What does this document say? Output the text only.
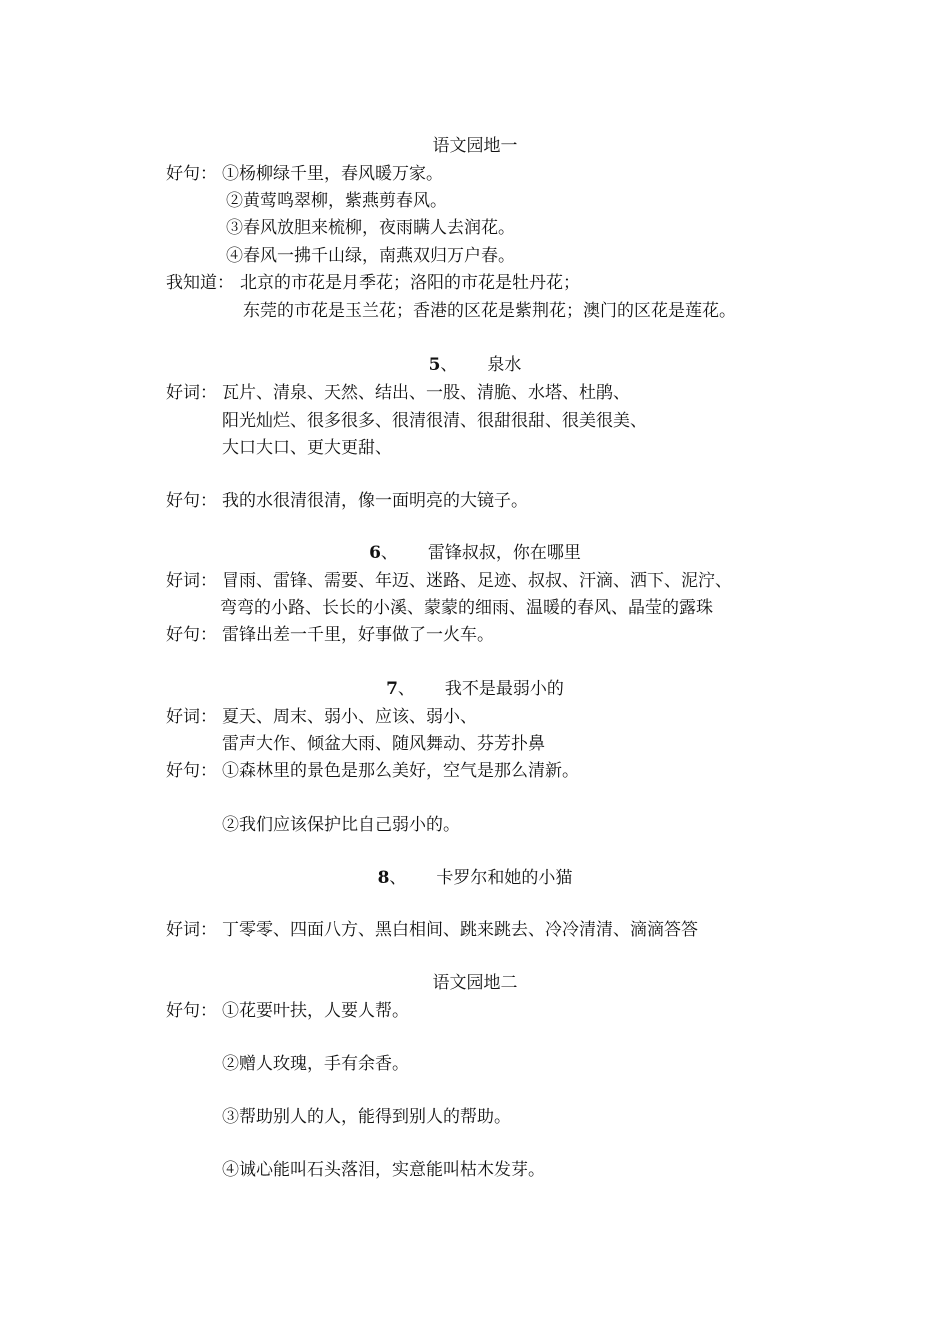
语文园地一
好句： ①杨柳绿千里，春风暖万家。
②黄莺鸣翠柳，紫燕剪春风。
③春风放胆来梳柳，夜雨瞒人去润花。
④春风一拂千山绿，南燕双归万户春。
我知道： 北京的市花是月季花；洛阳的市花是牡丹花；
东莞的市花是玉兰花；香港的区花是紫荆花；澳门的区花是莲花。
5、 泉水
好词： 瓦片、清泉、天然、结出、一股、清脆、水塔、杜鹃、
阳光灿烂、很多很多、很清很清、很甜很甜、很美很美、
大口大口、更大更甜、
好句： 我的水很清很清，像一面明亮的大镜子。
6、 雷锋叔叔，你在哪里
好词： 冒雨、雷锋、需要、年迈、迷路、足迹、叔叔、汗滴、洒下、泥泞、
弯弯的小路、长长的小溪、蒙蒙的细雨、温暖的春风、晶莹的露珠
好句： 雷锋出差一千里，好事做了一火车。
7、 我不是最弱小的
好词： 夏天、周末、弱小、应该、弱小、
雷声大作、倾盆大雨、随风舞动、芬芳扑鼻
好句： ①森林里的景色是那么美好，空气是那么清新。
②我们应该保护比自己弱小的。
8、 卡罗尔和她的小猫
好词： 丁零零、四面八方、黑白相间、跳来跳去、冷冷清清、滴滴答答
语文园地二
好句： ①花要叶扶，人要人帮。
②赠人玫瑰，手有余香。
③帮助别人的人，能得到别人的帮助。
④诚心能叫石头落泪，实意能叫枯木发芽。
